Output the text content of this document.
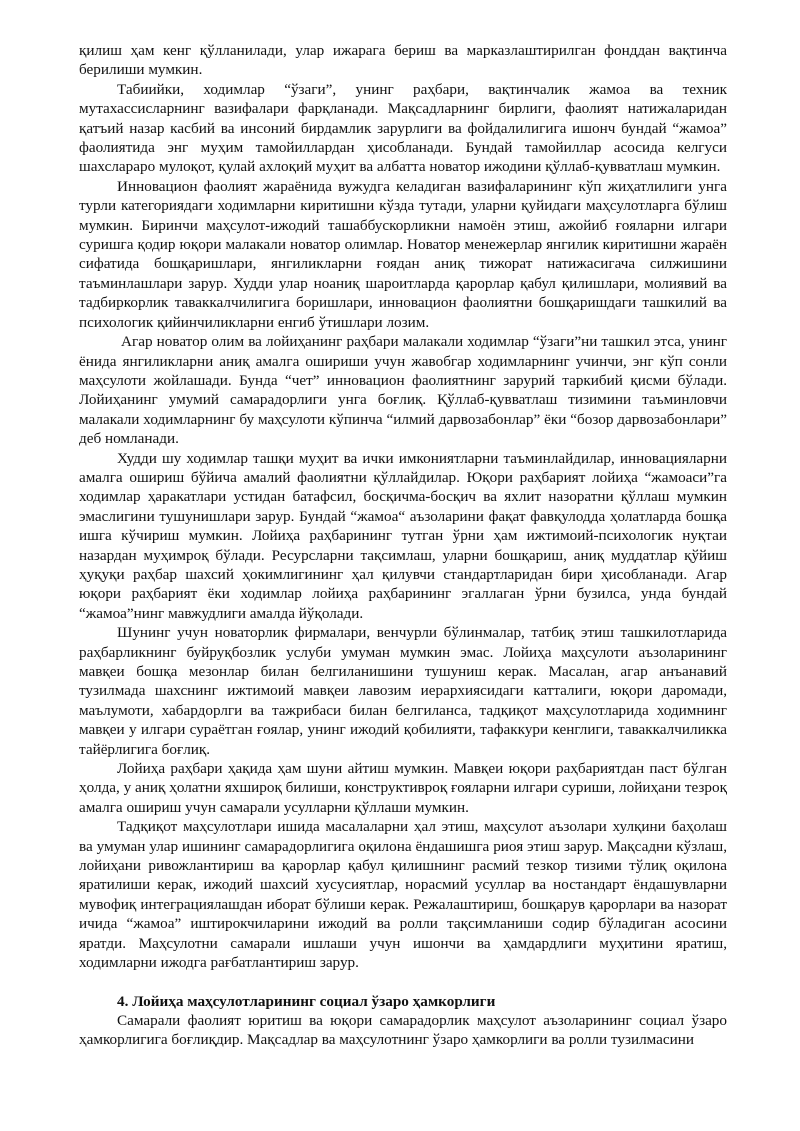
қилиш ҳам кенг қўлланилади, улар ижарага бериш ва марказлаштирилган фонддан вақтинча берилиши мумкин.

Табиийки, ходимлар “ўзаги”, унинг раҳбари, вақтинчалик жамоа ва техник мутахассисларнинг вазифалари фарқланади. Мақсадларнинг бирлиги, фаолият натижаларидан қатъий назар касбий ва инсоний бирдамлик зарурлиги ва фойдалилигига ишонч бундай “жамоа” фаолиятида энг муҳим тамойиллардан ҳисобланади. Бундай тамойиллар асосида келгуси шахсларaро мулоқот, қулай ахлоқий муҳит ва албатта новатор ижодини қўллаб-қувватлаш мумкин.

Инновацион фаолият жараёнида вужудга келадиган вазифаларининг кўп жиҳатлилиги унга турли категориядаги ходимларни киритишни кўзда тутади, уларни қуйидаги маҳсулотларга бўлиш мумкин. Биринчи маҳсулот-ижодий ташаббускорликни намоён этиш, ажойиб ғояларни илгари суришга қодир юқори малакали новатор олимлар. Новатор менежерлар янгилик киритишни жараён сифатида бошқаришлари, янгиликларни ғоядан аниқ тижорат натижасигача силжишини таъминлашлари зарур. Худди улар ноаниқ шароитларда қарорлар қабул қилишлари, молиявий ва тадбиркорлик таваккалчилигига боришлари, инновацион фаолиятни бошқаришдаги ташкилий ва психологик қийинчиликларни енгиб ўтишлари лозим.

Агар новатор олим ва лойиҳанинг раҳбари малакали ходимлар “ўзаги”ни ташкил этса, унинг ёнида янгиликларни аниқ амалга ошириши учун жавобгар ходимларнинг учинчи, энг кўп сонли маҳсулоти жойлашади. Бунда “чет” инновацион фаолиятнинг зарурий таркибий қисми бўлади. Лойиҳанинг умумий самарадорлиги унга боғлиқ. Қўллаб-қувватлаш тизимини таъминловчи малакали ходимларнинг бу маҳсулоти кўпинча “илмий дарвозабонлар” ёки “бозор дарвозабонлари” деб номланади.

Худди шу ходимлар ташқи муҳит ва ички имкониятларни таъминлайдилар, инновацияларни амалга ошириш бўйича амалий фаолиятни қўллайдилар. Юқори раҳбарият лойиҳа “жамоаси”га ходимлар ҳаракатлари устидан батафсил, босқичма-босқич ва яхлит назоратни қўллаш мумкин эмаслигини тушунишлари зарур. Бундай “жамоа“ аъзоларини фақат фавқулодда ҳолатларда бошқа ишга кўчириш мумкин. Лойиҳа раҳбарининг тутган ўрни ҳам ижтимоий-психологик нуқтаи назардан муҳимроқ бўлади. Ресурсларни тақсимлаш, уларни бошқариш, аниқ муддатлар қўйиш ҳуқуқи раҳбар шахсий ҳокимлигининг ҳал қилувчи стандартларидан бири ҳисобланади. Агар юқори раҳбарият ёки ходимлар лойиҳа раҳбарининг эгаллаган ўрни бузилса, унда бундай “жамоа”нинг мавжудлиги амалда йўқолади.

Шунинг учун новаторлик фирмалари, венчурли бўлинмалар, татбиқ этиш ташкилотларида раҳбарликнинг буйруқбозлик услуби умуман мумкин эмас. Лойиҳа маҳсулоти аъзоларининг мавқеи бошқа мезонлар билан белгиланишини тушуниш керак. Масалан, агар анъанавий тузилмада шахснинг ижтимоий мавқеи лавозим иерархиясидаги катталиги, юқори даромади, маълумоти, хабардорлги ва тажрибаси билан белгиланса, тадқиқот маҳсулотларида ходимнинг мавқеи у илгари сураётган ғоялар, унинг ижодий қобилияти, тафаккури кенглиги, таваккалчиликка тайёрлигига боғлиқ.

Лойиҳа раҳбари ҳақида ҳам шуни айтиш мумкин. Мавқеи юқори раҳбариятдан паст бўлган ҳолда, у аниқ ҳолатни яхшироқ билиши, конструктивроқ ғояларни илгари суриши, лойиҳани тезроқ амалга ошириш учун самарали усулларни қўллаши мумкин.

Тадқиқот маҳсулотлари ишида масалаларни ҳал этиш, маҳсулот аъзолари хулқини баҳолаш ва умуман улар ишининг самарадорлигига оқилона ёндашишга риоя этиш зарур. Мақсадни кўзлаш, лойиҳани ривожлантириш ва қарорлар қабул қилишнинг расмий тезкор тизими тўлиқ оқилона яратилиши керак, ижодий шахсий хусусиятлар, норасмий усуллар ва ностандарт ёндашувларни мувофиқ интеграциялашдан иборат бўлиши керак. Режалаштириш, бошқарув қарорлари ва назорат ичида “жамоа” иштирокчиларини ижодий ва ролли тақсимланиши содир бўладиган асосини яратди. Маҳсулотни самарали ишлаши учун ишончи ва ҳамдардлиги муҳитини яратиш, ходимларни ижодга рағбатлантириш зарур.

4. Лойиҳа маҳсулотларининг социал ўзаро ҳамкорлиги

Самарали фаолият юритиш ва юқори самарадорлик маҳсулот аъзоларининг социал ўзаро ҳамкорлигига боғлиқдир. Мақсадлар ва маҳсулотнинг ўзаро ҳамкорлиги ва ролли тузилмасини
